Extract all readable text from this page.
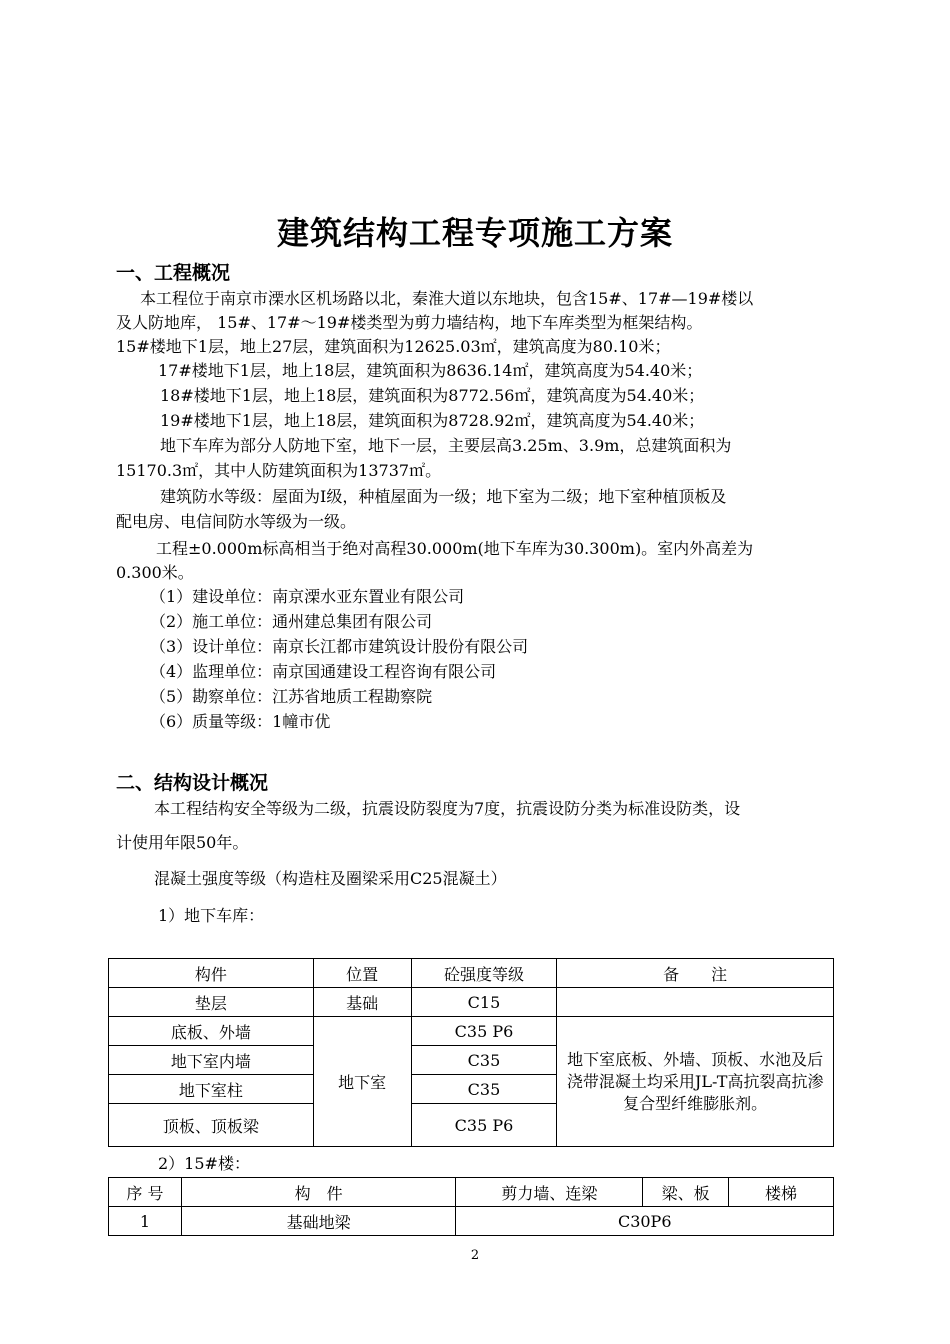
建筑结构工程专项施工方案
一、工程概况
本工程位于南京市溧水区机场路以北，秦淮大道以东地块，包含15#、17#—19#楼以
及人防地库， 15#、17#～19#楼类型为剪力墙结构，地下车库类型为框架结构。
15#楼地下1层，地上27层，建筑面积为12625.03㎡，建筑高度为80.10米；
17#楼地下1层，地上18层，建筑面积为8636.14㎡，建筑高度为54.40米；
18#楼地下1层，地上18层，建筑面积为8772.56㎡，建筑高度为54.40米；
19#楼地下1层，地上18层，建筑面积为8728.92㎡，建筑高度为54.40米；
地下车库为部分人防地下室，地下一层，主要层高3.25m、3.9m，总建筑面积为
15170.3㎡，其中人防建筑面积为13737㎡。
建筑防水等级：屋面为Ⅰ级，种植屋面为一级；地下室为二级；地下室种植顶板及
配电房、电信间防水等级为一级。
工程±0.000m标高相当于绝对高程30.000m(地下车库为30.300m)。室内外高差为
0.300米。
（1）建设单位：南京溧水亚东置业有限公司
（2）施工单位：通州建总集团有限公司
（3）设计单位：南京长江都市建筑设计股份有限公司
（4）监理单位：南京国通建设工程咨询有限公司
（5）勘察单位：江苏省地质工程勘察院
（6）质量等级：1幢市优
二、结构设计概况
本工程结构安全等级为二级，抗震设防裂度为7度，抗震设防分类为标准设防类，设
计使用年限50年。
混凝土强度等级（构造柱及圈梁采用C25混凝土）
1）地下车库：
构件	位置	砼强度等级	备　　注
垫层	基础	C15	
底板、外墙	地下室	C35 P6	地下室底板、外墙、顶板、水池及后浇带混凝土均采用JL-T高抗裂高抗渗复合型纤维膨胀剂。
地下室内墙		C35	
地下室柱		C35	
顶板、顶板梁		C35 P6	
2）15#楼：
序 号	构　件	剪力墙、连梁	梁、板	楼梯
1	基础地梁	C30P6		
2
